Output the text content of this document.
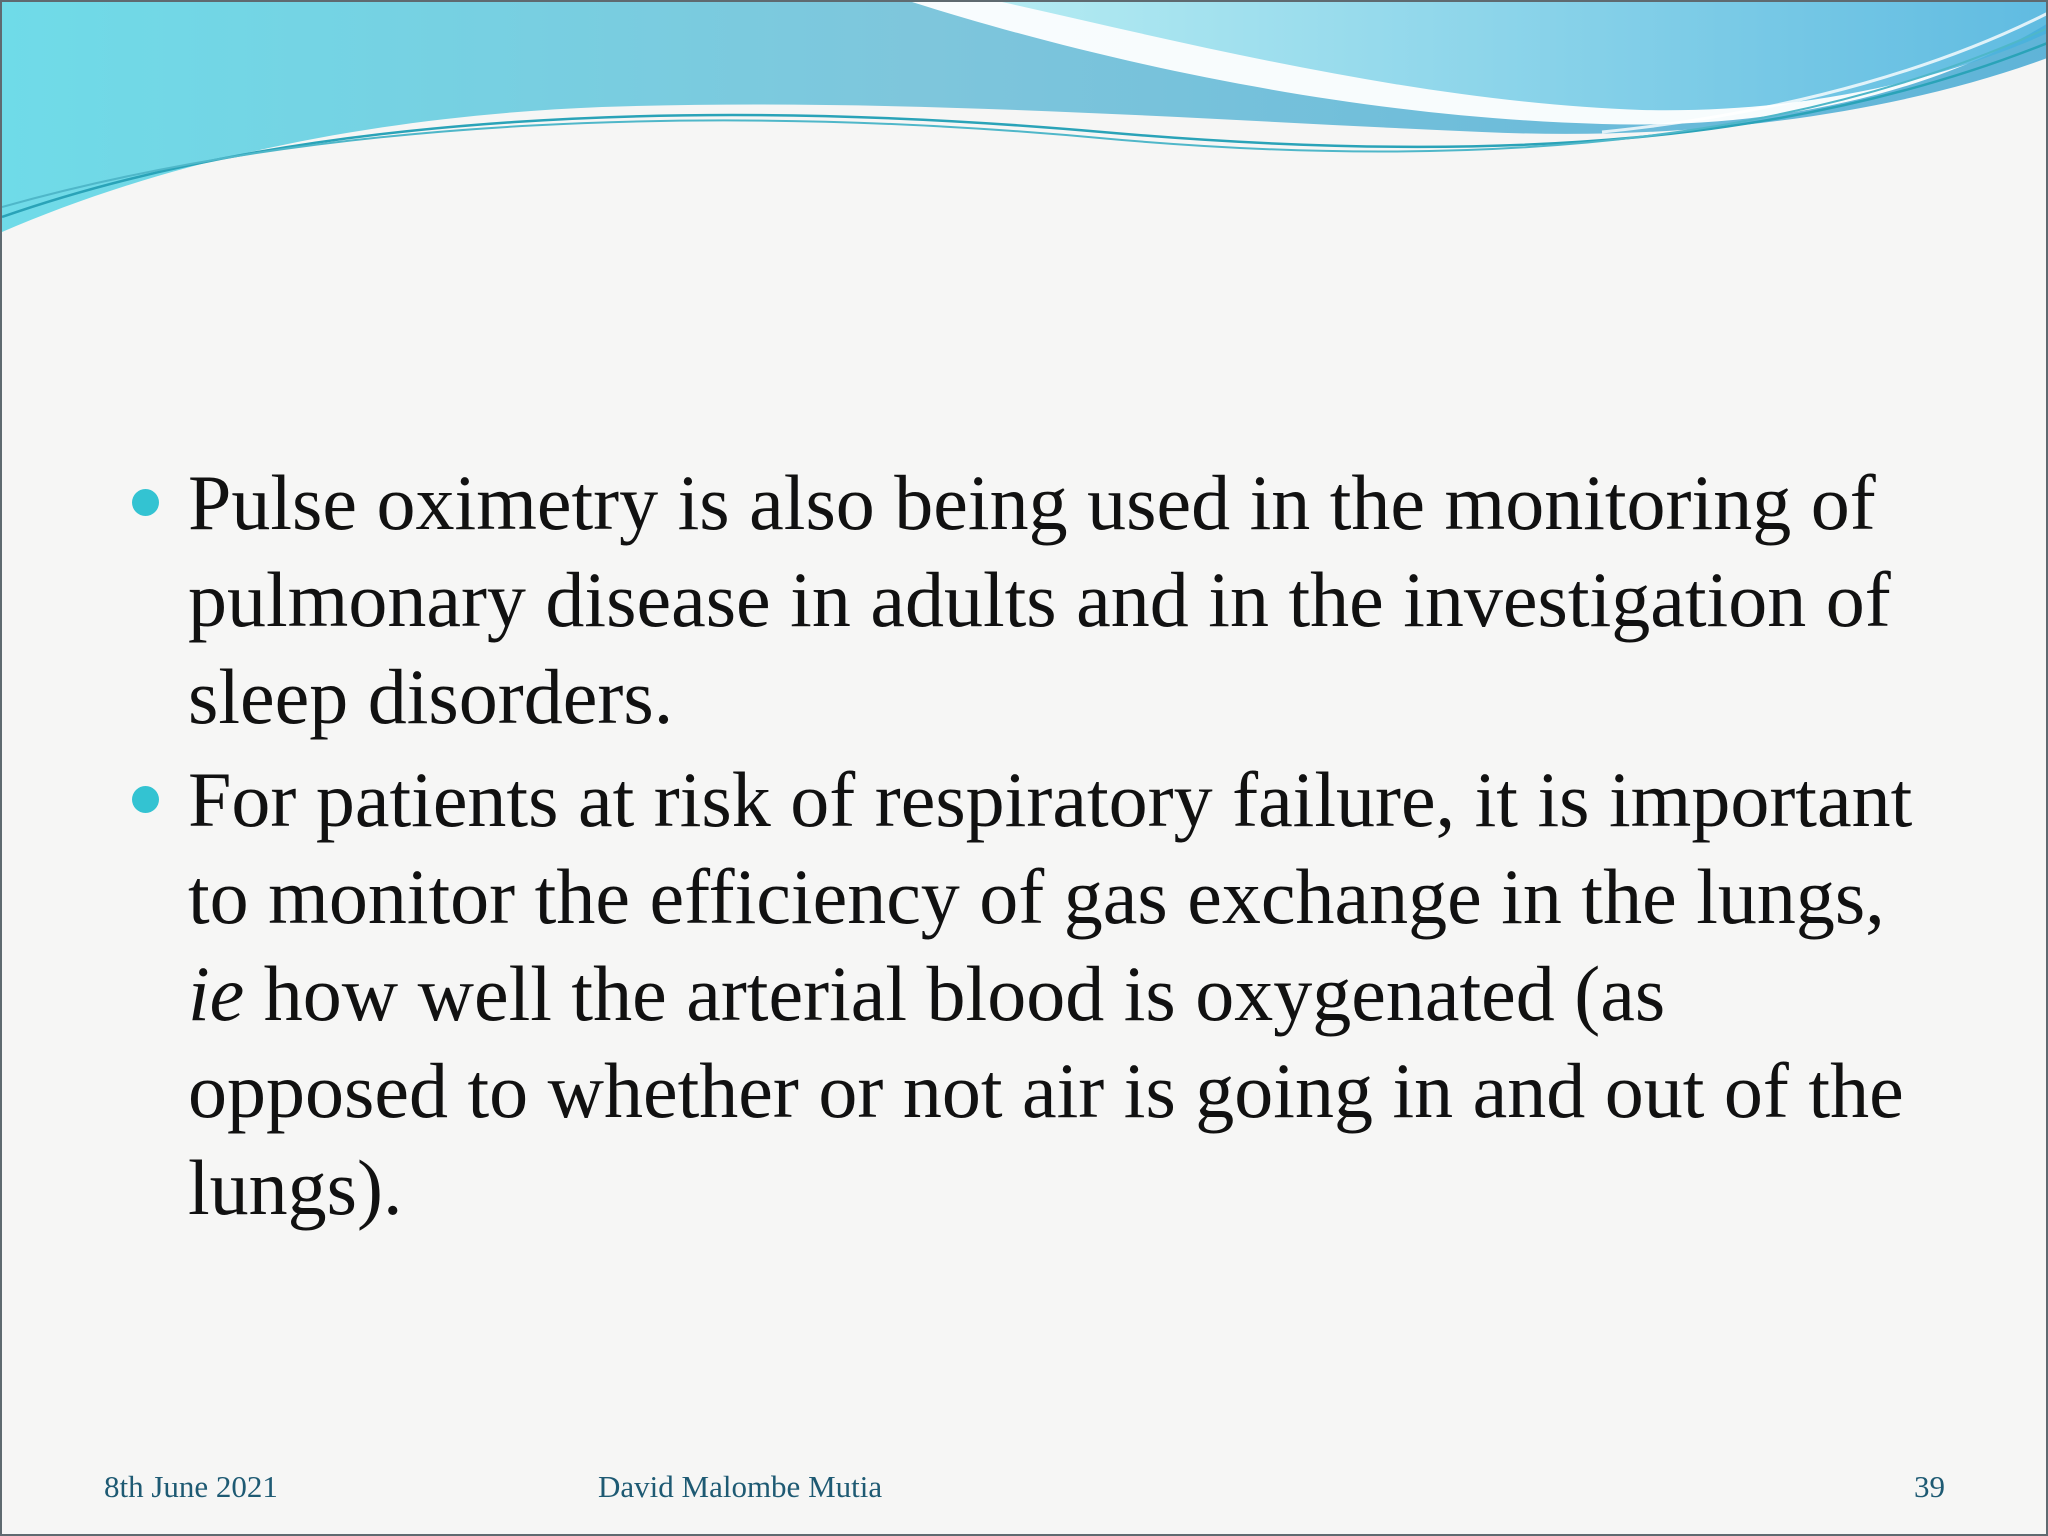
Pulse oximetry is also being used in the monitoring of pulmonary disease in adults and in the investigation of sleep disorders.
For patients at risk of respiratory failure, it is important to monitor the efficiency of gas exchange in the lungs, ie how well the arterial blood is oxygenated (as opposed to whether or not air is going in and out of the lungs).
8th June 2021	David Malombe Mutia	39
